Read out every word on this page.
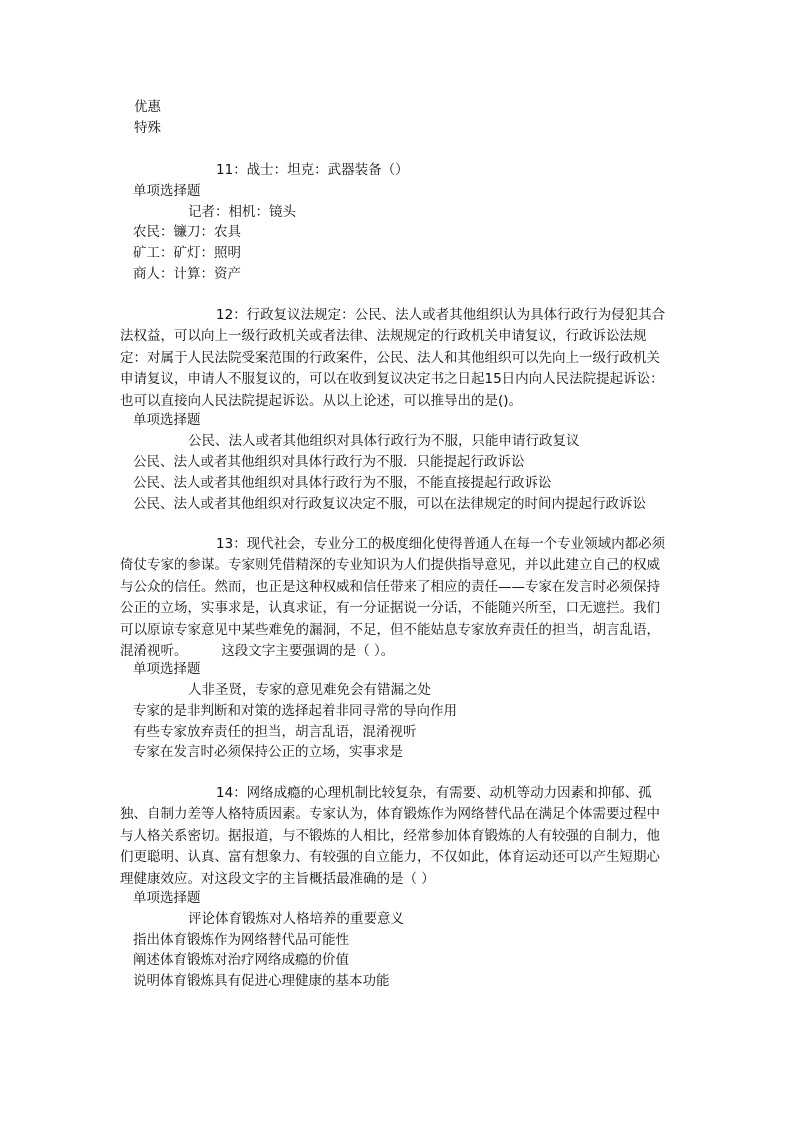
优惠
特殊
11：战士：坦克：武器装备（）
单项选择题
记者：相机：镜头
农民：镰刀：农具
矿工：矿灯：照明
商人：计算：资产
12：行政复议法规定：公民、法人或者其他组织认为具体行政行为侵犯其合法权益，可以向上一级行政机关或者法律、法规规定的行政机关申请复议，行政诉讼法规定：对属于人民法院受案范围的行政案件，公民、法人和其他组织可以先向上一级行政机关申请复议，申请人不服复议的，可以在收到复议决定书之日起15日内向人民法院提起诉讼：也可以直接向人民法院提起诉讼。从以上论述，可以推导出的是()。
单项选择题
公民、法人或者其他组织对具体行政行为不服，只能申请行政复议
公民、法人或者其他组织对具体行政行为不服．只能提起行政诉讼
公民、法人或者其他组织对具体行政行为不服，不能直接提起行政诉讼
公民、法人或者其他组织对行政复议决定不服，可以在法律规定的时间内提起行政诉讼
13：现代社会，专业分工的极度细化使得普通人在每一个专业领域内都必须倚仗专家的参谋。专家则凭借精深的专业知识为人们提供指导意见，并以此建立自己的权威与公众的信任。然而，也正是这种权威和信任带来了相应的责任——专家在发言时必须保持公正的立场，实事求是，认真求证，有一分证据说一分话，不能随兴所至，口无遮拦。我们可以原谅专家意见中某些难免的漏洞，不足，但不能姑息专家放弃责任的担当，胡言乱语，混淆视听。　　　这段文字主要强调的是（ ）。
单项选择题
人非圣贤，专家的意见难免会有错漏之处
专家的是非判断和对策的选择起着非同寻常的导向作用
有些专家放弃责任的担当，胡言乱语，混淆视听
专家在发言时必须保持公正的立场，实事求是
14：网络成瘾的心理机制比较复杂，有需要、动机等动力因素和抑郁、孤独、自制力差等人格特质因素。专家认为，体育锻炼作为网络替代品在满足个体需要过程中与人格关系密切。据报道，与不锻炼的人相比，经常参加体育锻炼的人有较强的自制力，他们更聪明、认真、富有想象力、有较强的自立能力，不仅如此，体育运动还可以产生短期心理健康效应。对这段文字的主旨概括最准确的是（ ）
单项选择题
评论体育锻炼对人格培养的重要意义
指出体育锻炼作为网络替代品可能性
阐述体育锻炼对治疗网络成瘾的价值
说明体育锻炼具有促进心理健康的基本功能
